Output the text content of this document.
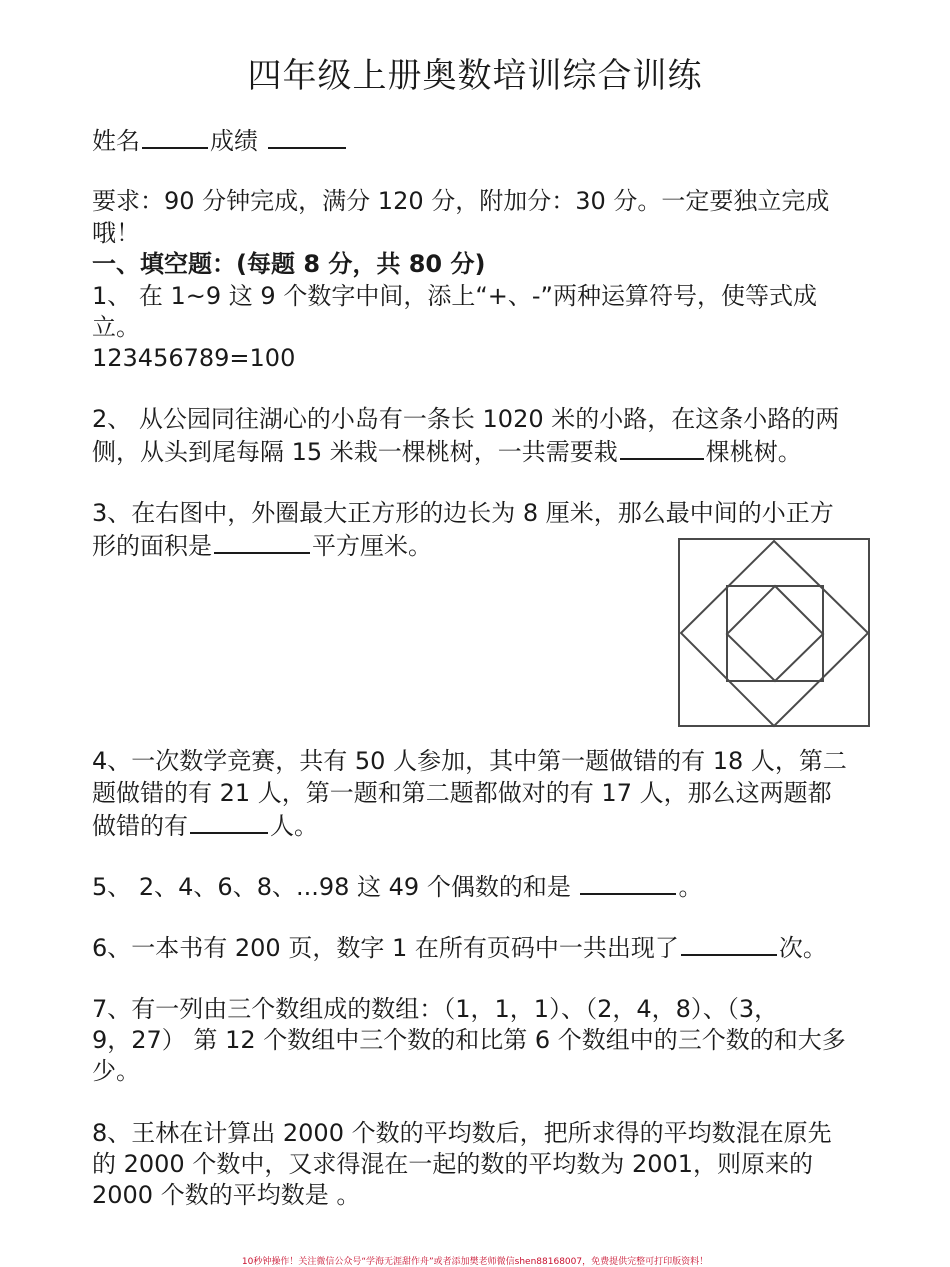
四年级上册奥数培训综合训练
姓名	成绩
要求：90 分钟完成，满分 120 分，附加分：30 分。一定要独立完成
哦！
一、填空题：(每题 8 分，共 80 分)
1、 在 1~9 这 9 个数字中间，添上“+、-”两种运算符号，使等式成
立。
123456789=100
2、 从公园同往湖心的小岛有一条长 1020 米的小路，在这条小路的两
侧，从头到尾每隔 15 米栽一棵桃树，一共需要栽	棵桃树。
3、在右图中，外圈最大正方形的边长为 8 厘米，那么最中间的小正方
形的面积是	平方厘米。
4、一次数学竞赛，共有 50 人参加，其中第一题做错的有 18 人，第二
题做错的有 21 人，第一题和第二题都做对的有 17 人，那么这两题都
做错的有	人。
5、 2、4、6、8、...98 这 49 个偶数的和是	。
6、一本书有 200 页，数字 1 在所有页码中一共出现了	次。
7、有一列由三个数组成的数组：（1，1，1）、（2，4，8）、（3，
9，27） 第 12 个数组中三个数的和比第 6 个数组中的三个数的和大多
少。
8、王林在计算出 2000 个数的平均数后，把所求得的平均数混在原先
的 2000 个数中，又求得混在一起的数的平均数为 2001，则原来的
2000 个数的平均数是 。
10秒钟操作！关注微信公众号“学海无涯甜作舟”或者添加樊老师微信shen88168007，免费提供完整可打印版资料！
